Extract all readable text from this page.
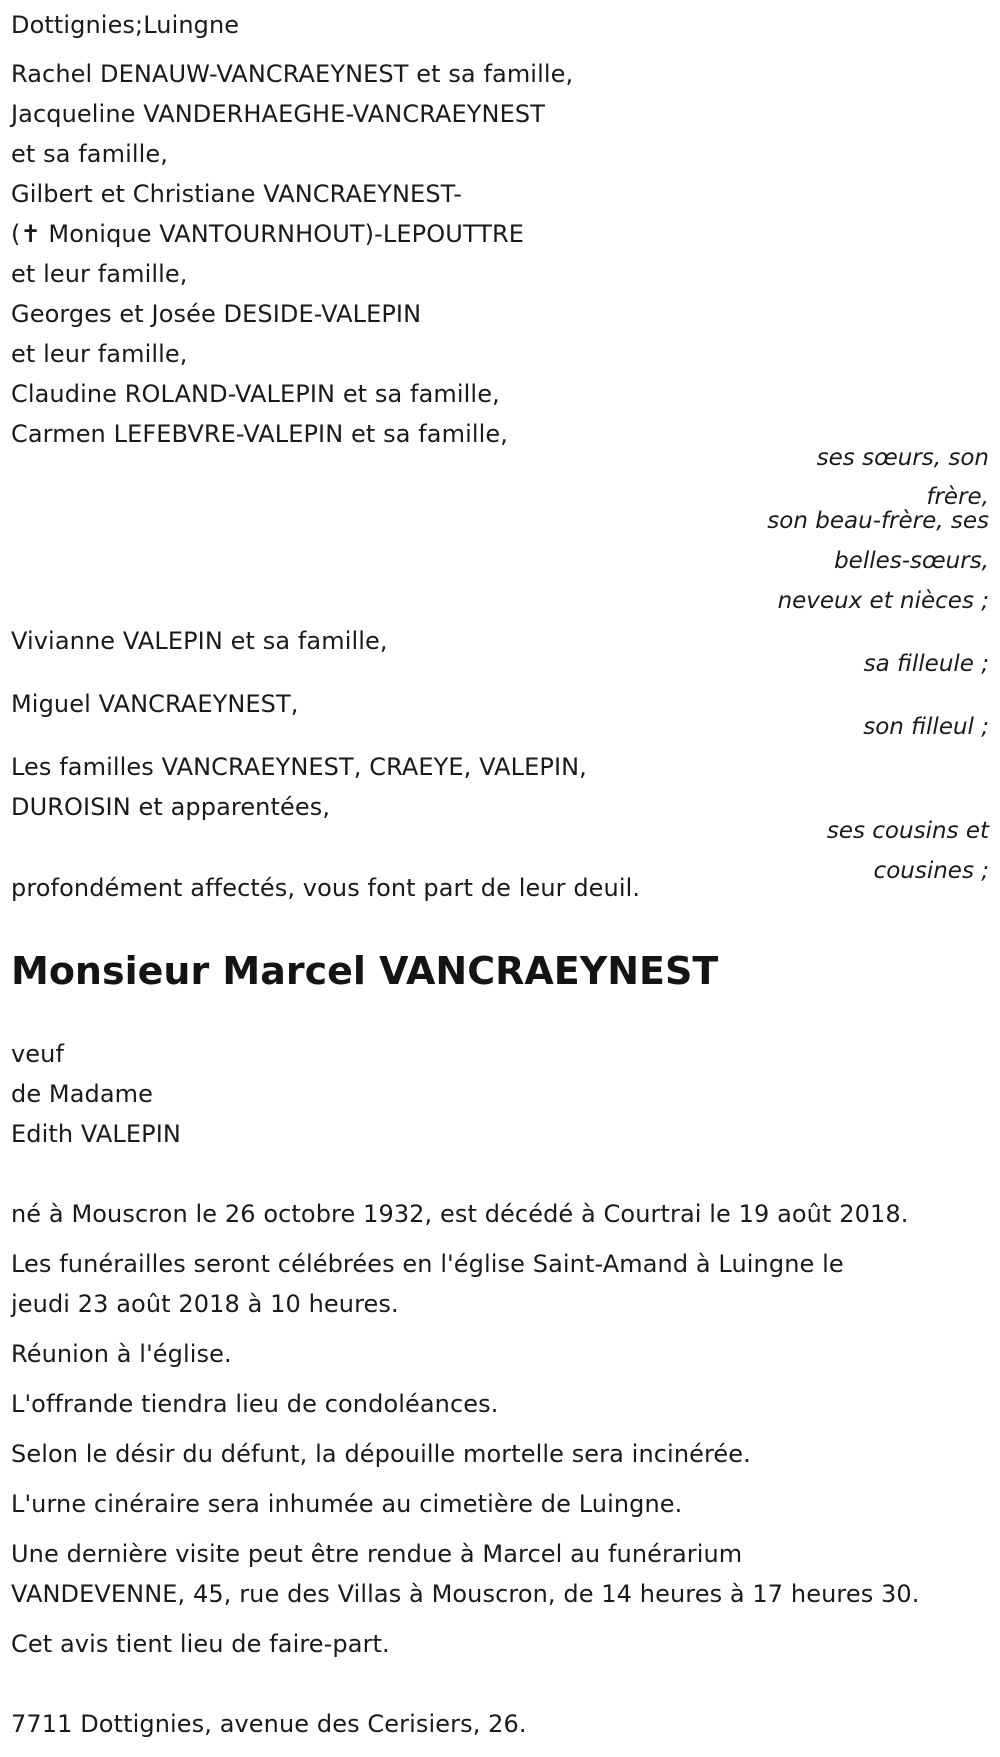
Dottignies;Luingne
Rachel DENAUW-VANCRAEYNEST et sa famille,
Jacqueline VANDERHAEGHE-VANCRAEYNEST
et sa famille,
Gilbert et Christiane VANCRAEYNEST-
(✝ Monique VANTOURNHOUT)-LEPOUTTRE
et leur famille,
Georges et Josée DESIDE-VALEPIN
et leur famille,
Claudine ROLAND-VALEPIN et sa famille,
Carmen LEFEBVRE-VALEPIN et sa famille,
ses sœurs, son
frère,
son beau-frère, ses
belles-sœurs,
neveux et nièces ;
Vivianne VALEPIN et sa famille,
sa filleule ;
Miguel VANCRAEYNEST,
son filleul ;
Les familles VANCRAEYNEST, CRAEYE, VALEPIN,
DUROISIN et apparentées,
ses cousins et
cousines ;
profondément affectés, vous font part de leur deuil.
Monsieur Marcel VANCRAEYNEST
veuf
de Madame
Edith VALEPIN
né à Mouscron le 26 octobre 1932, est décédé à Courtrai le 19 août 2018.
Les funérailles seront célébrées en l'église Saint-Amand à Luingne le
jeudi 23 août 2018 à 10 heures.
Réunion à l'église.
L'offrande tiendra lieu de condoléances.
Selon le désir du défunt, la dépouille mortelle sera incinérée.
L'urne cinéraire sera inhumée au cimetière de Luingne.
Une dernière visite peut être rendue à Marcel au funérarium
VANDEVENNE, 45, rue des Villas à Mouscron, de 14 heures à 17 heures 30.
Cet avis tient lieu de faire-part.
7711 Dottignies, avenue des Cerisiers, 26.
